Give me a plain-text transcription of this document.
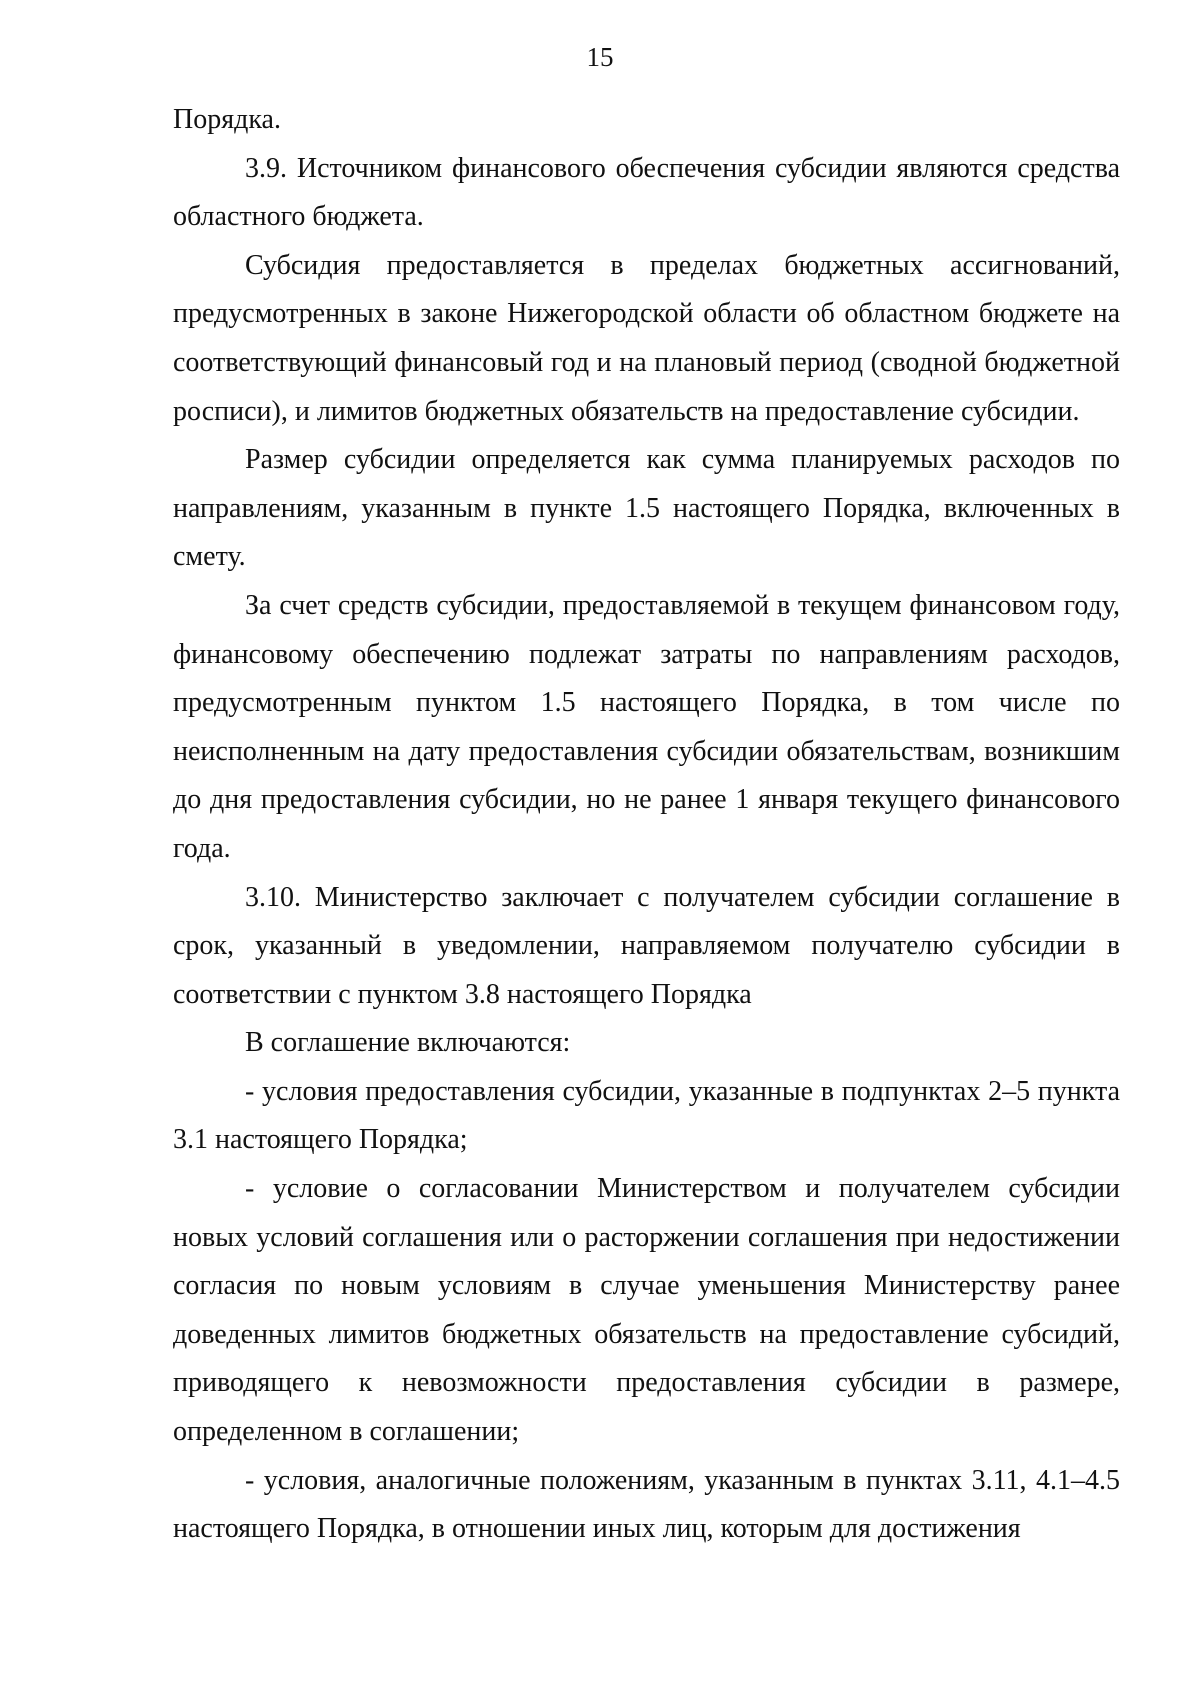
15

Порядка.

3.9. Источником финансового обеспечения субсидии являются средства областного бюджета.

Субсидия предоставляется в пределах бюджетных ассигнований, предусмотренных в законе Нижегородской области об областном бюджете на соответствующий финансовый год и на плановый период (сводной бюджетной росписи), и лимитов бюджетных обязательств на предоставление субсидии.

Размер субсидии определяется как сумма планируемых расходов по направлениям, указанным в пункте 1.5 настоящего Порядка, включенных в смету.

За счет средств субсидии, предоставляемой в текущем финансовом году, финансовому обеспечению подлежат затраты по направлениям расходов, предусмотренным пунктом 1.5 настоящего Порядка, в том числе по неисполненным на дату предоставления субсидии обязательствам, возникшим до дня предоставления субсидии, но не ранее 1 января текущего финансового года.

3.10. Министерство заключает с получателем субсидии соглашение в срок, указанный в уведомлении, направляемом получателю субсидии в соответствии с пунктом 3.8 настоящего Порядка

В соглашение включаются:

- условия предоставления субсидии, указанные в подпунктах 2–5 пункта 3.1 настоящего Порядка;

- условие о согласовании Министерством и получателем субсидии новых условий соглашения или о расторжении соглашения при недостижении согласия по новым условиям в случае уменьшения Министерству ранее доведенных лимитов бюджетных обязательств на предоставление субсидий, приводящего к невозможности предоставления субсидии в размере, определенном в соглашении;

- условия, аналогичные положениям, указанным в пунктах 3.11, 4.1–4.5 настоящего Порядка, в отношении иных лиц, которым для достижения
